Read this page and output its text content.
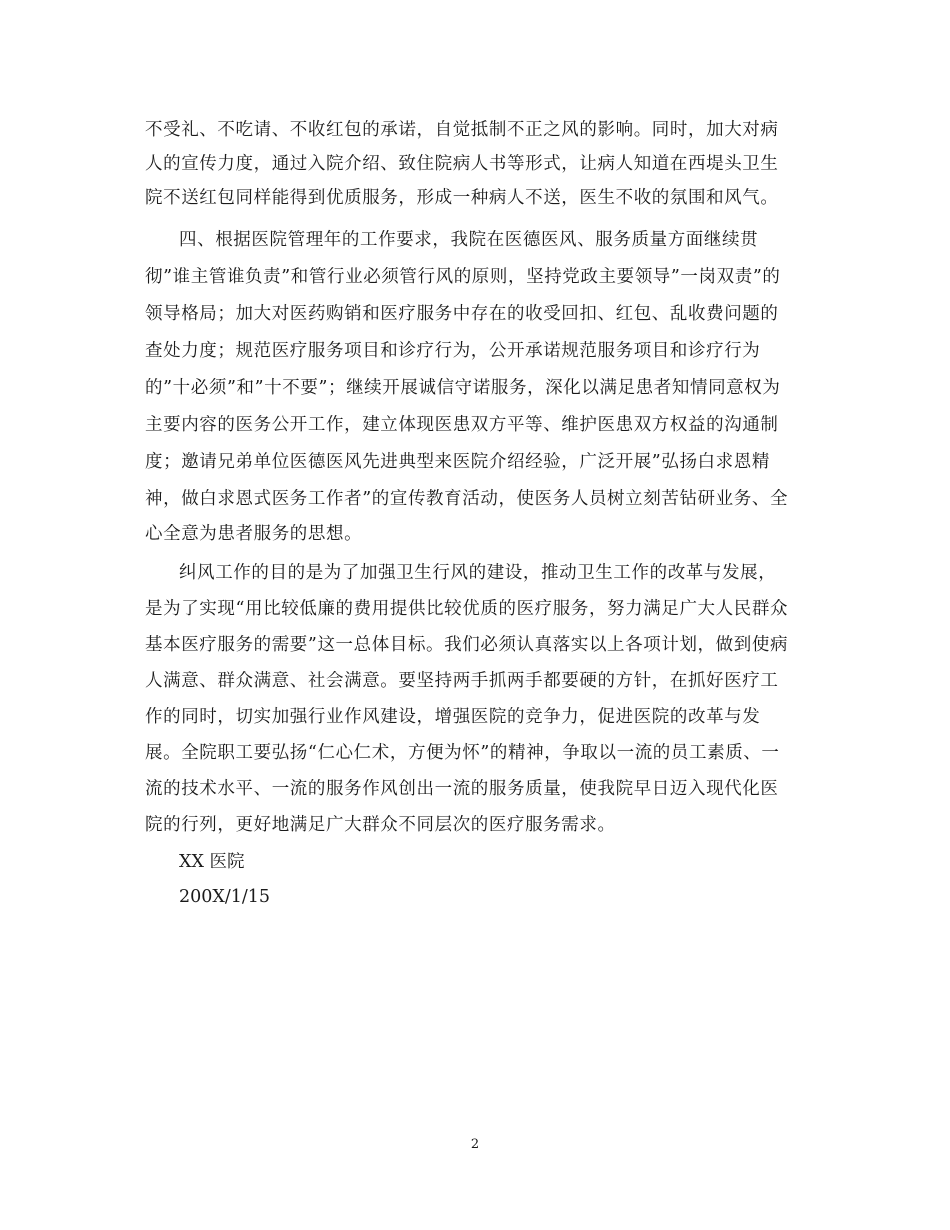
不受礼、不吃请、不收红包的承诺，自觉抵制不正之风的影响。同时，加大对病
人的宣传力度，通过入院介绍、致住院病人书等形式，让病人知道在西堤头卫生
院不送红包同样能得到优质服务，形成一种病人不送，医生不收的氛围和风气。
四、根据医院管理年的工作要求，我院在医德医风、服务质量方面继续贯
彻”谁主管谁负责”和管行业必须管行风的原则，坚持党政主要领导”一岗双责”的
领导格局；加大对医药购销和医疗服务中存在的收受回扣、红包、乱收费问题的
查处力度；规范医疗服务项目和诊疗行为，公开承诺规范服务项目和诊疗行为
的”十必须”和”十不要”；继续开展诚信守诺服务，深化以满足患者知情同意权为
主要内容的医务公开工作，建立体现医患双方平等、维护医患双方权益的沟通制
度；邀请兄弟单位医德医风先进典型来医院介绍经验，广泛开展”弘扬白求恩精
神，做白求恩式医务工作者”的宣传教育活动，使医务人员树立刻苦钻研业务、全
心全意为患者服务的思想。
纠风工作的目的是为了加强卫生行风的建设，推动卫生工作的改革与发展，
是为了实现“用比较低廉的费用提供比较优质的医疗服务，努力满足广大人民群众
基本医疗服务的需要”这一总体目标。我们必须认真落实以上各项计划，做到使病
人满意、群众满意、社会满意。要坚持两手抓两手都要硬的方针，在抓好医疗工
作的同时，切实加强行业作风建设，增强医院的竞争力，促进医院的改革与发
展。全院职工要弘扬“仁心仁术，方便为怀”的精神，争取以一流的员工素质、一
流的技术水平、一流的服务作风创出一流的服务质量，使我院早日迈入现代化医
院的行列，更好地满足广大群众不同层次的医疗服务需求。
XX 医院
200X/1/15
2
